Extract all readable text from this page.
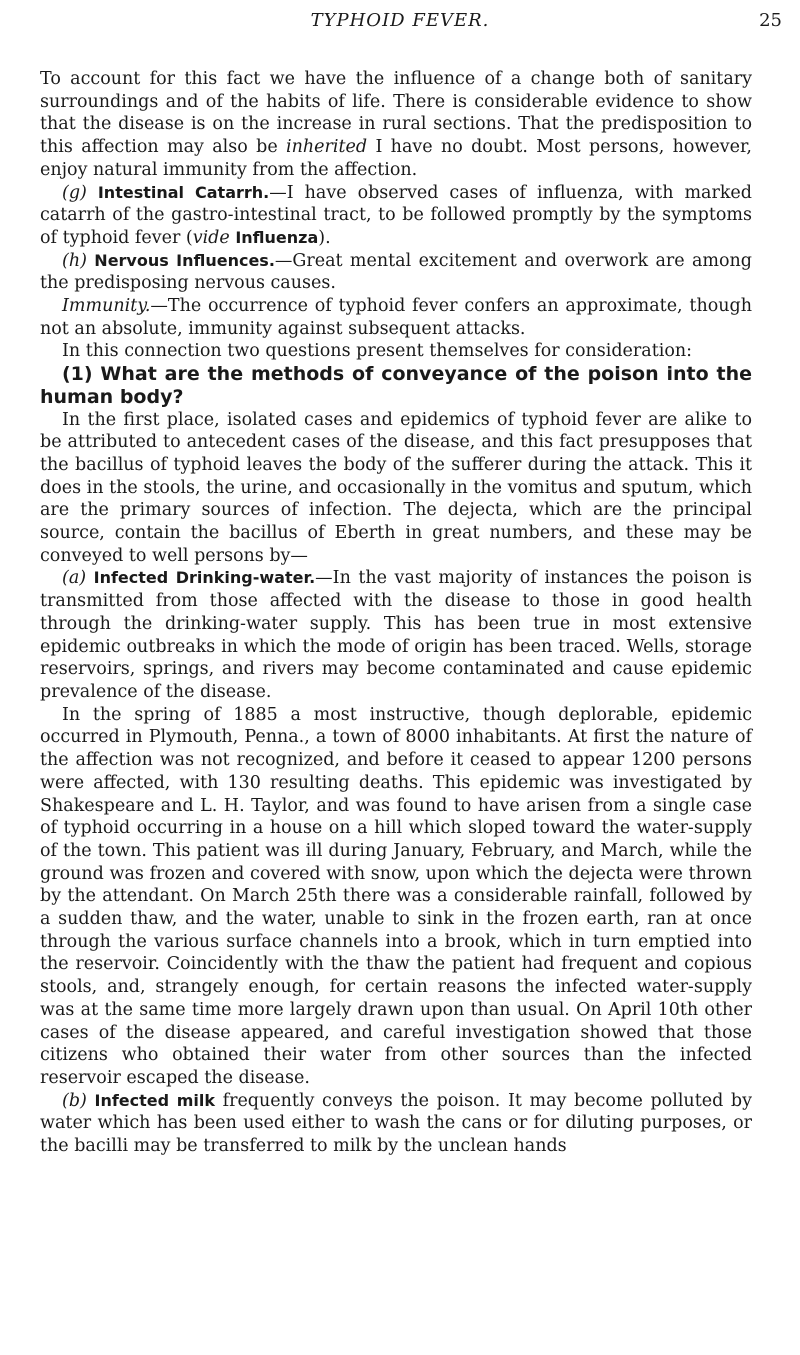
TYPHOID FEVER.	25

To account for this fact we have the influence of a change both of sanitary surroundings and of the habits of life. There is considerable evidence to show that the disease is on the increase in rural sections. That the predisposition to this affection may also be inherited I have no doubt. Most persons, however, enjoy natural immunity from the affection.

(g) Intestinal Catarrh.—I have observed cases of influenza, with marked catarrh of the gastro-intestinal tract, to be followed promptly by the symptoms of typhoid fever (vide Influenza).

(h) Nervous Influences.—Great mental excitement and overwork are among the predisposing nervous causes.

Immunity.—The occurrence of typhoid fever confers an approximate, though not an absolute, immunity against subsequent attacks.

In this connection two questions present themselves for consideration:

(1) What are the methods of conveyance of the poison into the human body?

In the first place, isolated cases and epidemics of typhoid fever are alike to be attributed to antecedent cases of the disease, and this fact presupposes that the bacillus of typhoid leaves the body of the sufferer during the attack. This it does in the stools, the urine, and occasionally in the vomitus and sputum, which are the primary sources of infection. The dejecta, which are the principal source, contain the bacillus of Eberth in great numbers, and these may be conveyed to well persons by—

(a) Infected Drinking-water.—In the vast majority of instances the poison is transmitted from those affected with the disease to those in good health through the drinking-water supply. This has been true in most extensive epidemic outbreaks in which the mode of origin has been traced. Wells, storage reservoirs, springs, and rivers may become contaminated and cause epidemic prevalence of the disease.

In the spring of 1885 a most instructive, though deplorable, epidemic occurred in Plymouth, Penna., a town of 8000 inhabitants. At first the nature of the affection was not recognized, and before it ceased to appear 1200 persons were affected, with 130 resulting deaths. This epidemic was investigated by Shakespeare and L. H. Taylor, and was found to have arisen from a single case of typhoid occurring in a house on a hill which sloped toward the water-supply of the town. This patient was ill during January, February, and March, while the ground was frozen and covered with snow, upon which the dejecta were thrown by the attendant. On March 25th there was a considerable rainfall, followed by a sudden thaw, and the water, unable to sink in the frozen earth, ran at once through the various surface channels into a brook, which in turn emptied into the reservoir. Coincidently with the thaw the patient had frequent and copious stools, and, strangely enough, for certain reasons the infected water-supply was at the same time more largely drawn upon than usual. On April 10th other cases of the disease appeared, and careful investigation showed that those citizens who obtained their water from other sources than the infected reservoir escaped the disease.

(b) Infected milk frequently conveys the poison. It may become polluted by water which has been used either to wash the cans or for diluting purposes, or the bacilli may be transferred to milk by the unclean hands
